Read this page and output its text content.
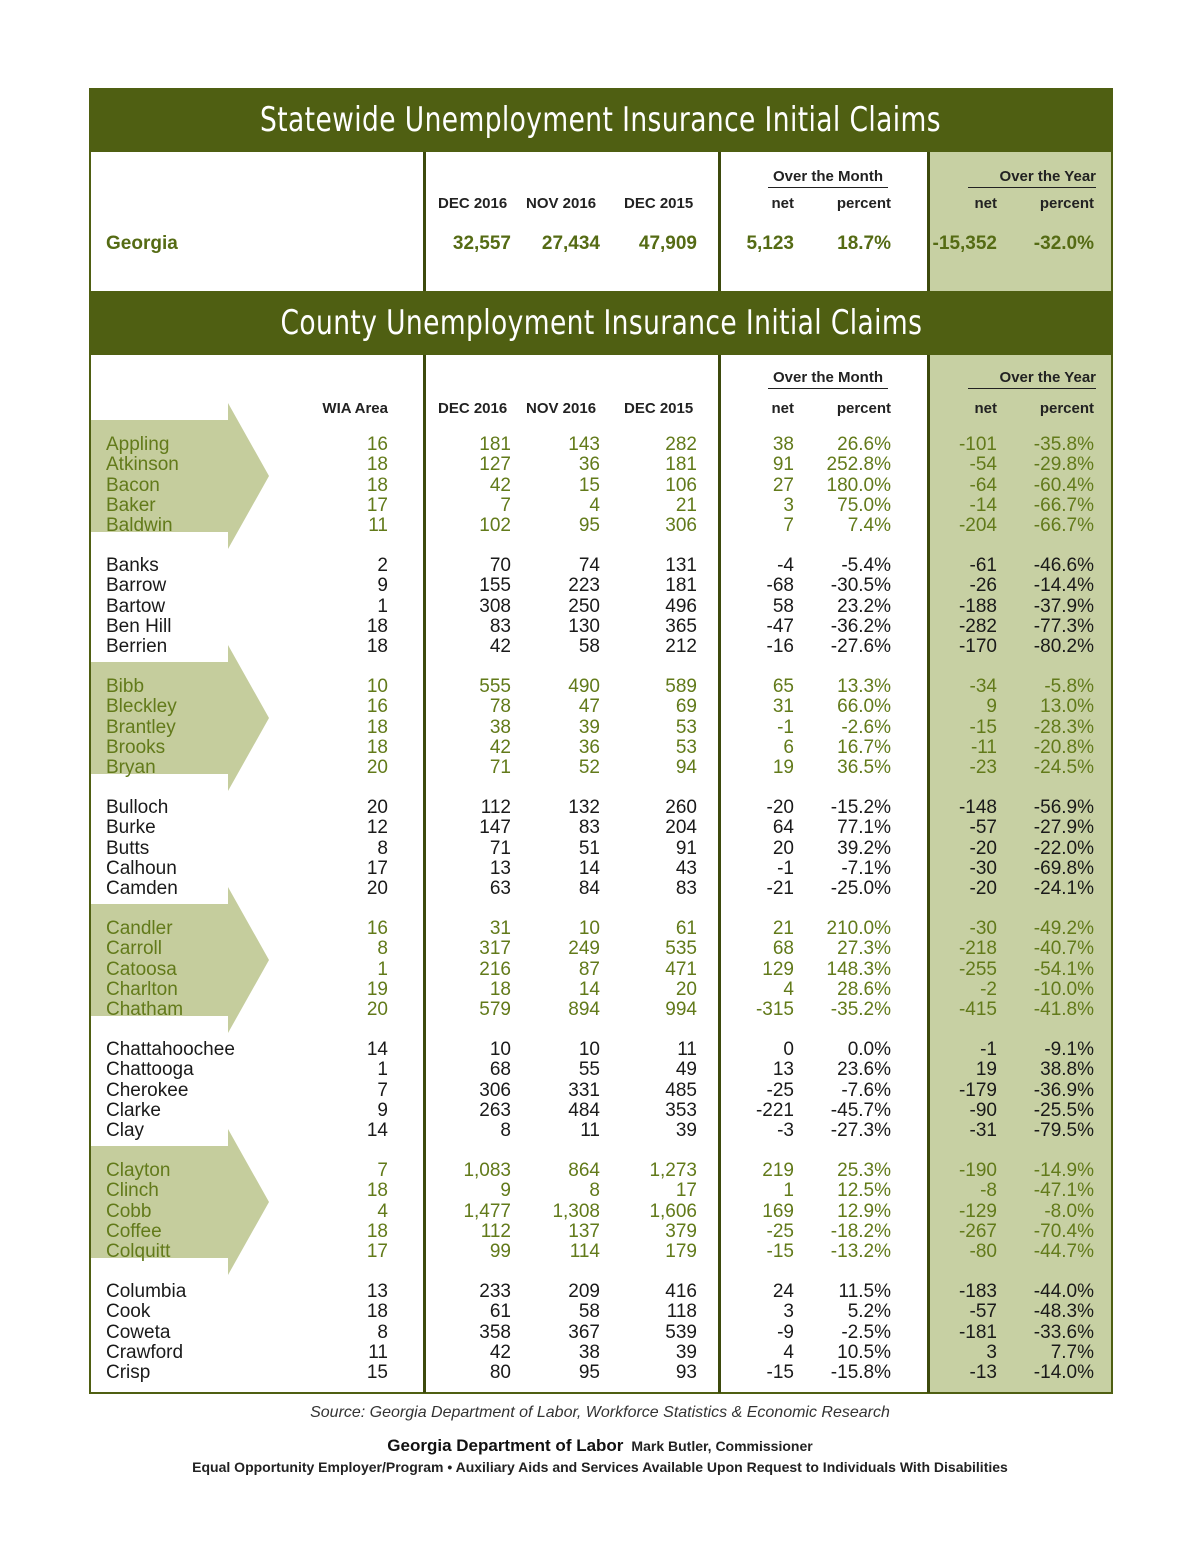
Statewide Unemployment Insurance Initial Claims
County Unemployment Insurance Initial Claims
Over the Month	Over the Year
DEC 2016 NOV 2016 DEC 2015	net	percent	net	percent
Georgia	32,557 27,434 47,909	5,123 18.7% -15,352 -32.0%
Over the Month	Over the Year
WIA Area	DEC 2016 NOV 2016 DEC 2015	net	percent	net	percent
Appling	16	181	143	282	38 26.6%	-101 -35.8%
Atkinson	18	127	36	181	91 252.8%	-54 -29.8%
Bacon	18	42	15	106	27 180.0%	-64 -60.4%
Baker	17	7	4	21	3 75.0%	-14 -66.7%
Baldwin	11	102	95	306	7	7.4%	-204 -66.7%
Banks	2	70	74	131	-4 -5.4%	-61 -46.6%
Barrow	9	155	223	181	-68 -30.5%	-26 -14.4%
Bartow	1	308	250	496	58 23.2%	-188 -37.9%
Ben Hill	18	83	130	365	-47 -36.2%	-282 -77.3%
Berrien	18	42	58	212	-16 -27.6%	-170 -80.2%
Bibb	10	555	490	589	65 13.3%	-34 -5.8%
Bleckley	16	78	47	69	31 66.0%	9 13.0%
Brantley	18	38	39	53	-1 -2.6%	-15 -28.3%
Brooks	18	42	36	53	6 16.7%	-11 -20.8%
Bryan	20	71	52	94	19 36.5%	-23 -24.5%
Bulloch	20	112	132	260	-20 -15.2%	-148 -56.9%
Burke	12	147	83	204	64 77.1%	-57 -27.9%
Butts	8	71	51	91	20 39.2%	-20 -22.0%
Calhoun	17	13	14	43	-1 -7.1%	-30 -69.8%
Camden	20	63	84	83	-21 -25.0%	-20 -24.1%
Candler	16	31	10	61	21 210.0%	-30 -49.2%
Carroll	8	317	249	535	68 27.3%	-218 -40.7%
Catoosa	1	216	87	471	129 148.3%	-255 -54.1%
Charlton	19	18	14	20	4 28.6%	-2 -10.0%
Chatham	20	579	894	994	-315 -35.2%	-415 -41.8%
Chattahoochee	14	10	10	11	0	0.0%	-1 -9.1%
Chattooga	1	68	55	49	13 23.6%	19 38.8%
Cherokee	7	306	331	485	-25 -7.6%	-179 -36.9%
Clarke	9	263	484	353	-221 -45.7%	-90 -25.5%
Clay	14	8	11	39	-3 -27.3%	-31 -79.5%
Clayton	7	1,083	864	1,273	219 25.3%	-190 -14.9%
Clinch	18	9	8	17	1 12.5%	-8 -47.1%
Cobb	4	1,477 1,308	1,606	169 12.9%	-129 -8.0%
Coffee	18	112	137	379	-25 -18.2%	-267 -70.4%
Colquitt	17	99	114	179	-15 -13.2%	-80 -44.7%
Columbia	13	233	209	416	24 11.5%	-183 -44.0%
Cook	18	61	58	118	3	5.2%	-57 -48.3%
Coweta	8	358	367	539	-9 -2.5%	-181 -33.6%
Crawford	11	42	38	39	4 10.5%	3	7.7%
Crisp	15	80	95	93	-15 -15.8%	-13 -14.0%
Source: Georgia Department of Labor, Workforce Statistics & Economic Research
Georgia Department of Labor Mark Butler, Commissioner
Equal Opportunity Employer/Program • Auxiliary Aids and Services Available Upon Request to Individuals With Disabilities
